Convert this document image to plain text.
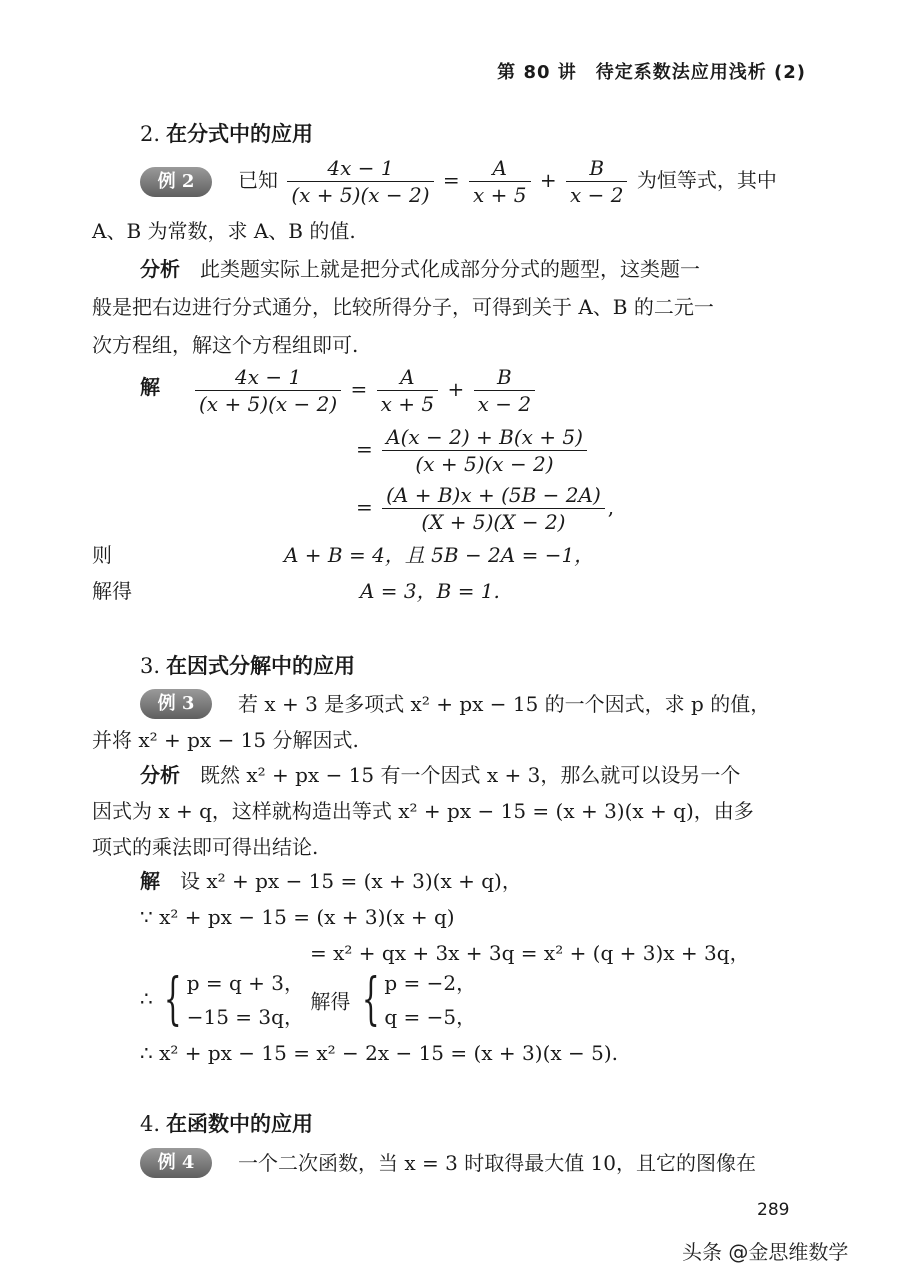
第 80 讲　待定系数法应用浅析 (2)
2. 在分式中的应用
例 2	已知 $\frac{4x - 1}{(x + 5)(x - 2)} = \frac{A}{x + 5} + \frac{B}{x - 2}$ 为恒等式，其中
A、B 为常数，求 A、B 的值.
分析　 此类题实际上就是把分式化成部分分式的题型，这类题一
般是把右边进行分式通分，比较所得分子，可得到关于 A、B 的二元一
次方程组，解这个方程组即可.
解 $\frac{4x - 1}{(x + 5)(x - 2)} = \frac{A}{x + 5} + \frac{B}{x - 2}$
= $\frac{A(x - 2) + B(x + 5)}{(x + 5)(x - 2)}$
= $\frac{(A + B)x + (5B - 2A)}{(X + 5)(X - 2)}$ ,
则	A + B = 4，且 5B − 2A = −1，
解得	A = 3，B = 1.
3. 在因式分解中的应用
例 3	若 x + 3 是多项式 x² + px − 15 的一个因式，求 p 的值，
并将 x² + px − 15 分解因式.
分析　 既然 x² + px − 15 有一个因式 x + 3，那么就可以设另一个
因式为 x + q，这样就构造出等式 x² + px − 15 = (x + 3)(x + q)，由多
项式的乘法即可得出结论.
解　 设 x² + px − 15 = (x + 3)(x + q)，
∵ x² + px − 15 = (x + 3)(x + q)
= x² + qx + 3x + 3q = x² + (q + 3)x + 3q，
∴ { p = q + 3，
−15 = 3q，
解得 { p = −2，
q = −5，
∴ x² + px − 15 = x² − 2x − 15 = (x + 3)(x − 5).
4. 在函数中的应用
例 4	一个二次函数，当 x = 3 时取得最大值 10，且它的图像在
289
头条 @金思维数学
